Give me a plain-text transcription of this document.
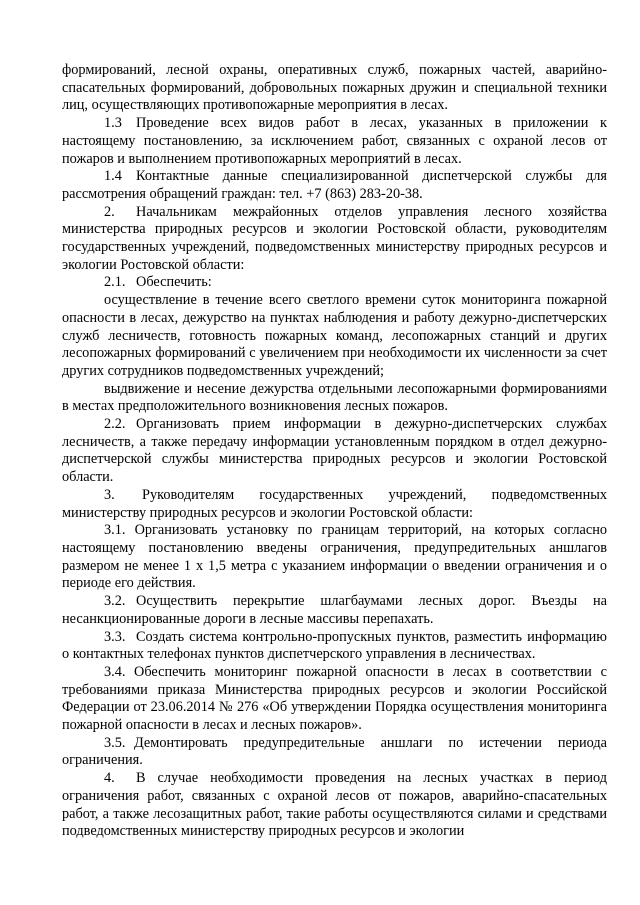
формирований, лесной охраны, оперативных служб, пожарных частей, аварийно-спасательных формирований, добровольных пожарных дружин и специальной техники лиц, осуществляющих противопожарные мероприятия в лесах.

1.3 Проведение всех видов работ в лесах, указанных в приложении к настоящему постановлению, за исключением работ, связанных с охраной лесов от пожаров и выполнением противопожарных мероприятий в лесах.

1.4 Контактные данные специализированной диспетчерской службы для рассмотрения обращений граждан: тел. +7 (863) 283-20-38.

2. Начальникам межрайонных отделов управления лесного хозяйства министерства природных ресурсов и экологии Ростовской области, руководителям государственных учреждений, подведомственных министерству природных ресурсов и экологии Ростовской области:

2.1. Обеспечить:

осуществление в течение всего светлого времени суток мониторинга пожарной опасности в лесах, дежурство на пунктах наблюдения и работу дежурно-диспетчерских служб лесничеств, готовность пожарных команд, лесопожарных станций и других лесопожарных формирований с увеличением при необходимости их численности за счет других сотрудников подведомственных учреждений;

выдвижение и несение дежурства отдельными лесопожарными формированиями в местах предположительного возникновения лесных пожаров.

2.2. Организовать прием информации в дежурно-диспетчерских службах лесничеств, а также передачу информации установленным порядком в отдел дежурно-диспетчерской службы министерства природных ресурсов и экологии Ростовской области.

3. Руководителям государственных учреждений, подведомственных министерству природных ресурсов и экологии Ростовской области:

3.1. Организовать установку по границам территорий, на которых согласно настоящему постановлению введены ограничения, предупредительных аншлагов размером не менее 1 х 1,5 метра с указанием информации о введении ограничения и о периоде его действия.

3.2. Осуществить перекрытие шлагбаумами лесных дорог. Въезды на несанкционированные дороги в лесные массивы перепахать.

3.3. Создать система контрольно-пропускных пунктов, разместить информацию о контактных телефонах пунктов диспетчерского управления в лесничествах.

3.4. Обеспечить мониторинг пожарной опасности в лесах в соответствии с требованиями приказа Министерства природных ресурсов и экологии Российской Федерации от 23.06.2014 № 276 «Об утверждении Порядка осуществления мониторинга пожарной опасности в лесах и лесных пожаров».

3.5. Демонтировать предупредительные аншлаги по истечении периода ограничения.

4. В случае необходимости проведения на лесных участках в период ограничения работ, связанных с охраной лесов от пожаров, аварийно-спасательных работ, а также лесозащитных работ, такие работы осуществляются силами и средствами подведомственных министерству природных ресурсов и экологии
